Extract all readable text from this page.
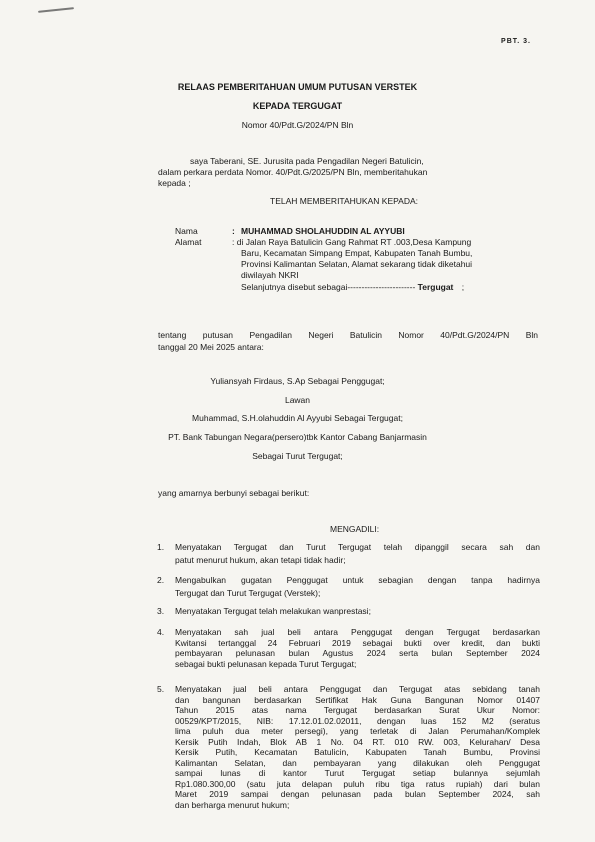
PBT. 3.
RELAAS PEMBERITAHUAN UMUM PUTUSAN VERSTEK
KEPADA TERGUGAT
Nomor 40/Pdt.G/2024/PN Bln
saya Taberani, SE. Jurusita pada Pengadilan Negeri Batulicin,
dalam perkara perdata Nomor. 40/Pdt.G/2025/PN Bln, memberitahukan
kepada ;
TELAH MEMBERITAHUKAN KEPADA:
Nama	: MUHAMMAD SHOLAHUDDIN AL AYYUBI
Alamat	: di Jalan Raya Batulicin Gang Rahmat RT .003,Desa Kampung
Baru, Kecamatan Simpang Empat, Kabupaten Tanah Bumbu,
Provinsi Kalimantan Selatan, Alamat sekarang tidak diketahui
diwilayah NKRI
Selanjutnya disebut sebagai------------------------ Tergugat ;
tentang putusan Pengadilan Negeri Batulicin Nomor 40/Pdt.G/2024/PN Bln
tanggal 20 Mei 2025 antara:
Yuliansyah Firdaus, S.Ap Sebagai Penggugat;
Lawan
Muhammad, S.H.olahuddin Al Ayyubi Sebagai Tergugat;
PT. Bank Tabungan Negara(persero)tbk Kantor Cabang Banjarmasin
Sebagai Turut Tergugat;
yang amarnya berbunyi sebagai berikut:
MENGADILI:
1. Menyatakan Tergugat dan Turut Tergugat telah dipanggil secara sah dan
patut menurut hukum, akan tetapi tidak hadir;
2. Mengabulkan gugatan Penggugat untuk sebagian dengan tanpa hadirnya
Tergugat dan Turut Tergugat (Verstek);
3. Menyatakan Tergugat telah melakukan wanprestasi;
4. Menyatakan sah jual beli antara Penggugat dengan Tergugat berdasarkan
Kwitansi tertanggal 24 Februari 2019 sebagai bukti over kredit, dan bukti
pembayaran pelunasan bulan Agustus 2024 serta bulan September 2024
sebagai bukti pelunasan kepada Turut Tergugat;
5. Menyatakan jual beli antara Penggugat dan Tergugat atas sebidang tanah
dan bangunan berdasarkan Sertifikat Hak Guna Bangunan Nomor 01407
Tahun 2015 atas nama Tergugat berdasarkan Surat Ukur Nomor:
00529/KPT/2015, NIB: 17.12.01.02.02011, dengan luas 152 M2 (seratus
lima puluh dua meter persegi), yang terletak di Jalan Perumahan/Komplek
Kersik Putih Indah, Blok AB 1 No. 04 RT. 010 RW. 003, Kelurahan/ Desa
Kersik Putih, Kecamatan Batulicin, Kabupaten Tanah Bumbu, Provinsi
Kalimantan Selatan, dan pembayaran yang dilakukan oleh Penggugat
sampai lunas di kantor Turut Tergugat setiap bulannya sejumlah
Rp1.080.300,00 (satu juta delapan puluh ribu tiga ratus rupiah) dari bulan
Maret 2019 sampai dengan pelunasan pada bulan September 2024, sah
dan berharga menurut hukum;
